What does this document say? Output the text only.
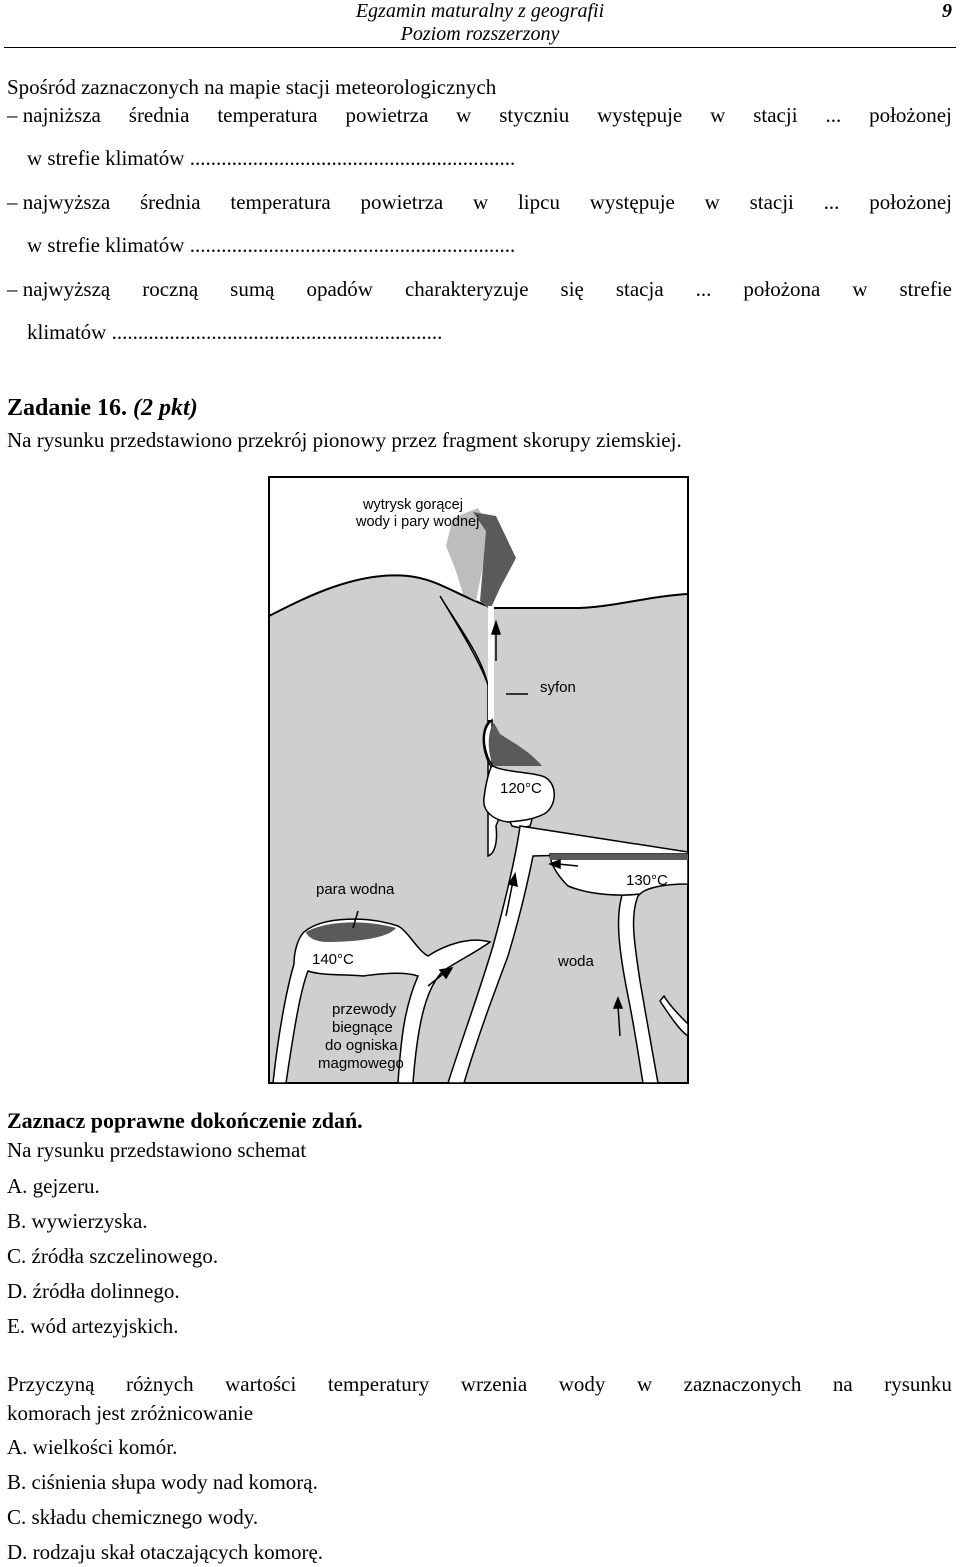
Egzamin maturalny z geografii
Poziom rozszerzony
9
Spośród zaznaczonych na mapie stacji meteorologicznych
– najniższa średnia temperatura powietrza w styczniu występuje w stacji ... położonej
w strefie klimatów ..............................................................
– najwyższa średnia temperatura powietrza w lipcu występuje w stacji ... położonej
w strefie klimatów ..............................................................
– najwyższą roczną sumą opadów charakteryzuje się stacja ... położona w strefie
klimatów ...............................................................
Zadanie 16. (2 pkt)
Na rysunku przedstawiono przekrój pionowy przez fragment skorupy ziemskiej.
wytrysk gorącej
wody i pary wodnej
syfon
120°C
130°C
para wodna
140°C	woda
przewody
biegnące
do ogniska
magmowego
Zaznacz poprawne dokończenie zdań.
Na rysunku przedstawiono schemat
A. gejzeru.
B. wywierzyska.
C. źródła szczelinowego.
D. źródła dolinnego.
E. wód artezyjskich.
Przyczyną różnych wartości temperatury wrzenia wody w zaznaczonych na rysunku
komorach jest zróżnicowanie
A. wielkości komór.
B. ciśnienia słupa wody nad komorą.
C. składu chemicznego wody.
D. rodzaju skał otaczających komorę.
